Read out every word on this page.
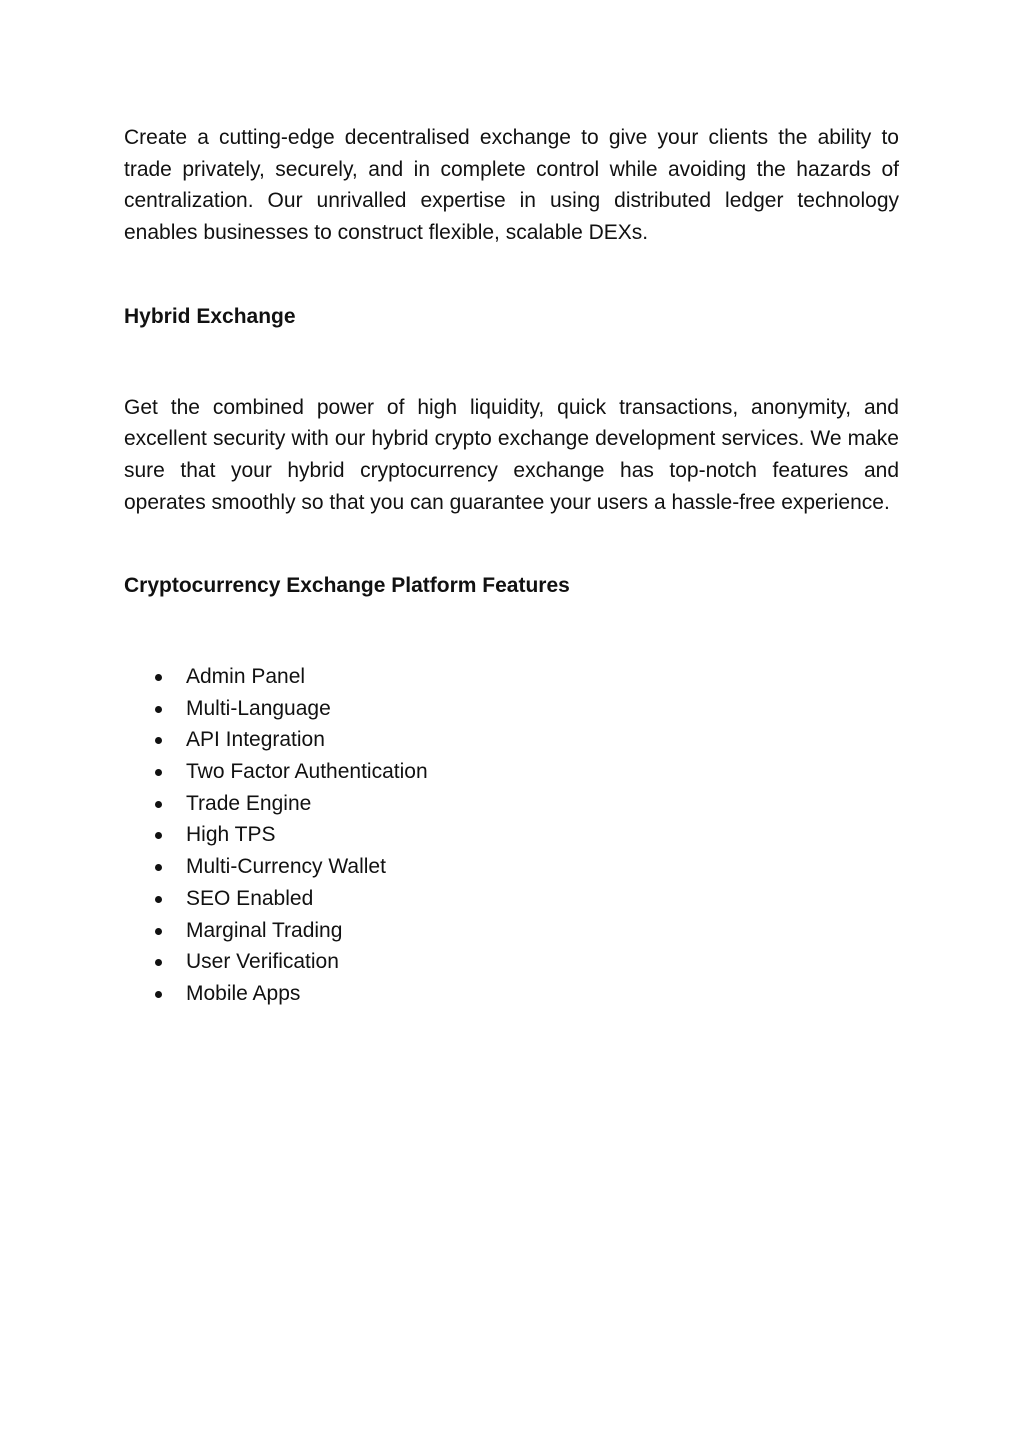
Create a cutting-edge decentralised exchange to give your clients the ability to trade privately, securely, and in complete control while avoiding the hazards of centralization. Our unrivalled expertise in using distributed ledger technology enables businesses to construct flexible, scalable DEXs.

Hybrid Exchange

Get the combined power of high liquidity, quick transactions, anonymity, and excellent security with our hybrid crypto exchange development services. We make sure that your hybrid cryptocurrency exchange has top-notch features and operates smoothly so that you can guarantee your users a hassle-free experience.

Cryptocurrency Exchange Platform Features

Admin Panel
Multi-Language
API Integration
Two Factor Authentication
Trade Engine
High TPS
Multi-Currency Wallet
SEO Enabled
Marginal Trading
User Verification
Mobile Apps
